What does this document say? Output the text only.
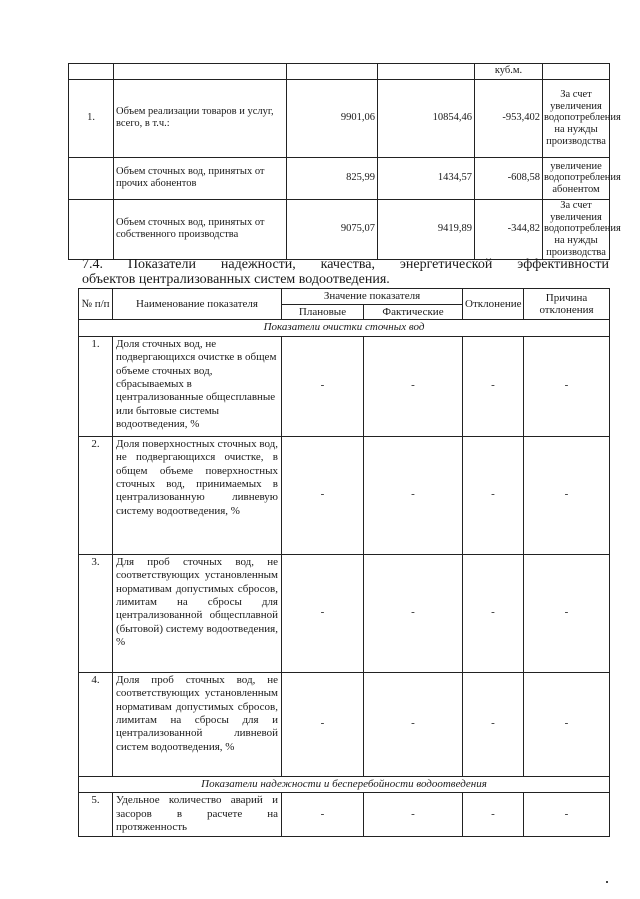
				куб.м.	
1.	Объем реализации товаров и услуг, всего, в т.ч.:	9901,06	10854,46	-953,402	За счет увеличения водопотребления на нужды производства
	Объем сточных вод, принятых от прочих абонентов	825,99	1434,57	-608,58	увеличение водопотребления абонентом
	Объем сточных вод, принятых от собственного производства	9075,07	9419,89	-344,82	За счет увеличения водопотребления на нужды производства
7.4. Показатели надежности, качества, энергетической эффективности
объектов централизованных систем водоотведения.
№ п/п	Наименование показателя	Значение показателя		Отклонение	Причина отклонения
		Плановые	Фактические		
Показатели очистки сточных вод					
1.	Доля сточных вод, не подвергающихся очистке в общем объеме сточных вод, сбрасываемых в централизованные общесплавные или бытовые системы водоотведения, %	-	-	-	-
2.	Доля поверхностных сточных вод, не подвергающихся очистке, в общем объеме поверхностных сточных вод, принимаемых в централизованную ливневую систему водоотведения, %	-	-	-	-
3.	Для проб сточных вод, не соответствующих установленным нормативам допустимых сбросов, лимитам на сбросы для централизованной общесплавной (бытовой) систему водоотведения, %	-	-	-	-
4.	Доля проб сточных вод, не соответствующих установленным нормативам допустимых сбросов, лимитам на сбросы для и централизованной ливневой систем водоотведения, %	-	-	-	-
Показатели надежности и бесперебойности водоотведения					
5.	Удельное количество аварий и засоров в расчете на протяженность	-	-	-	-
